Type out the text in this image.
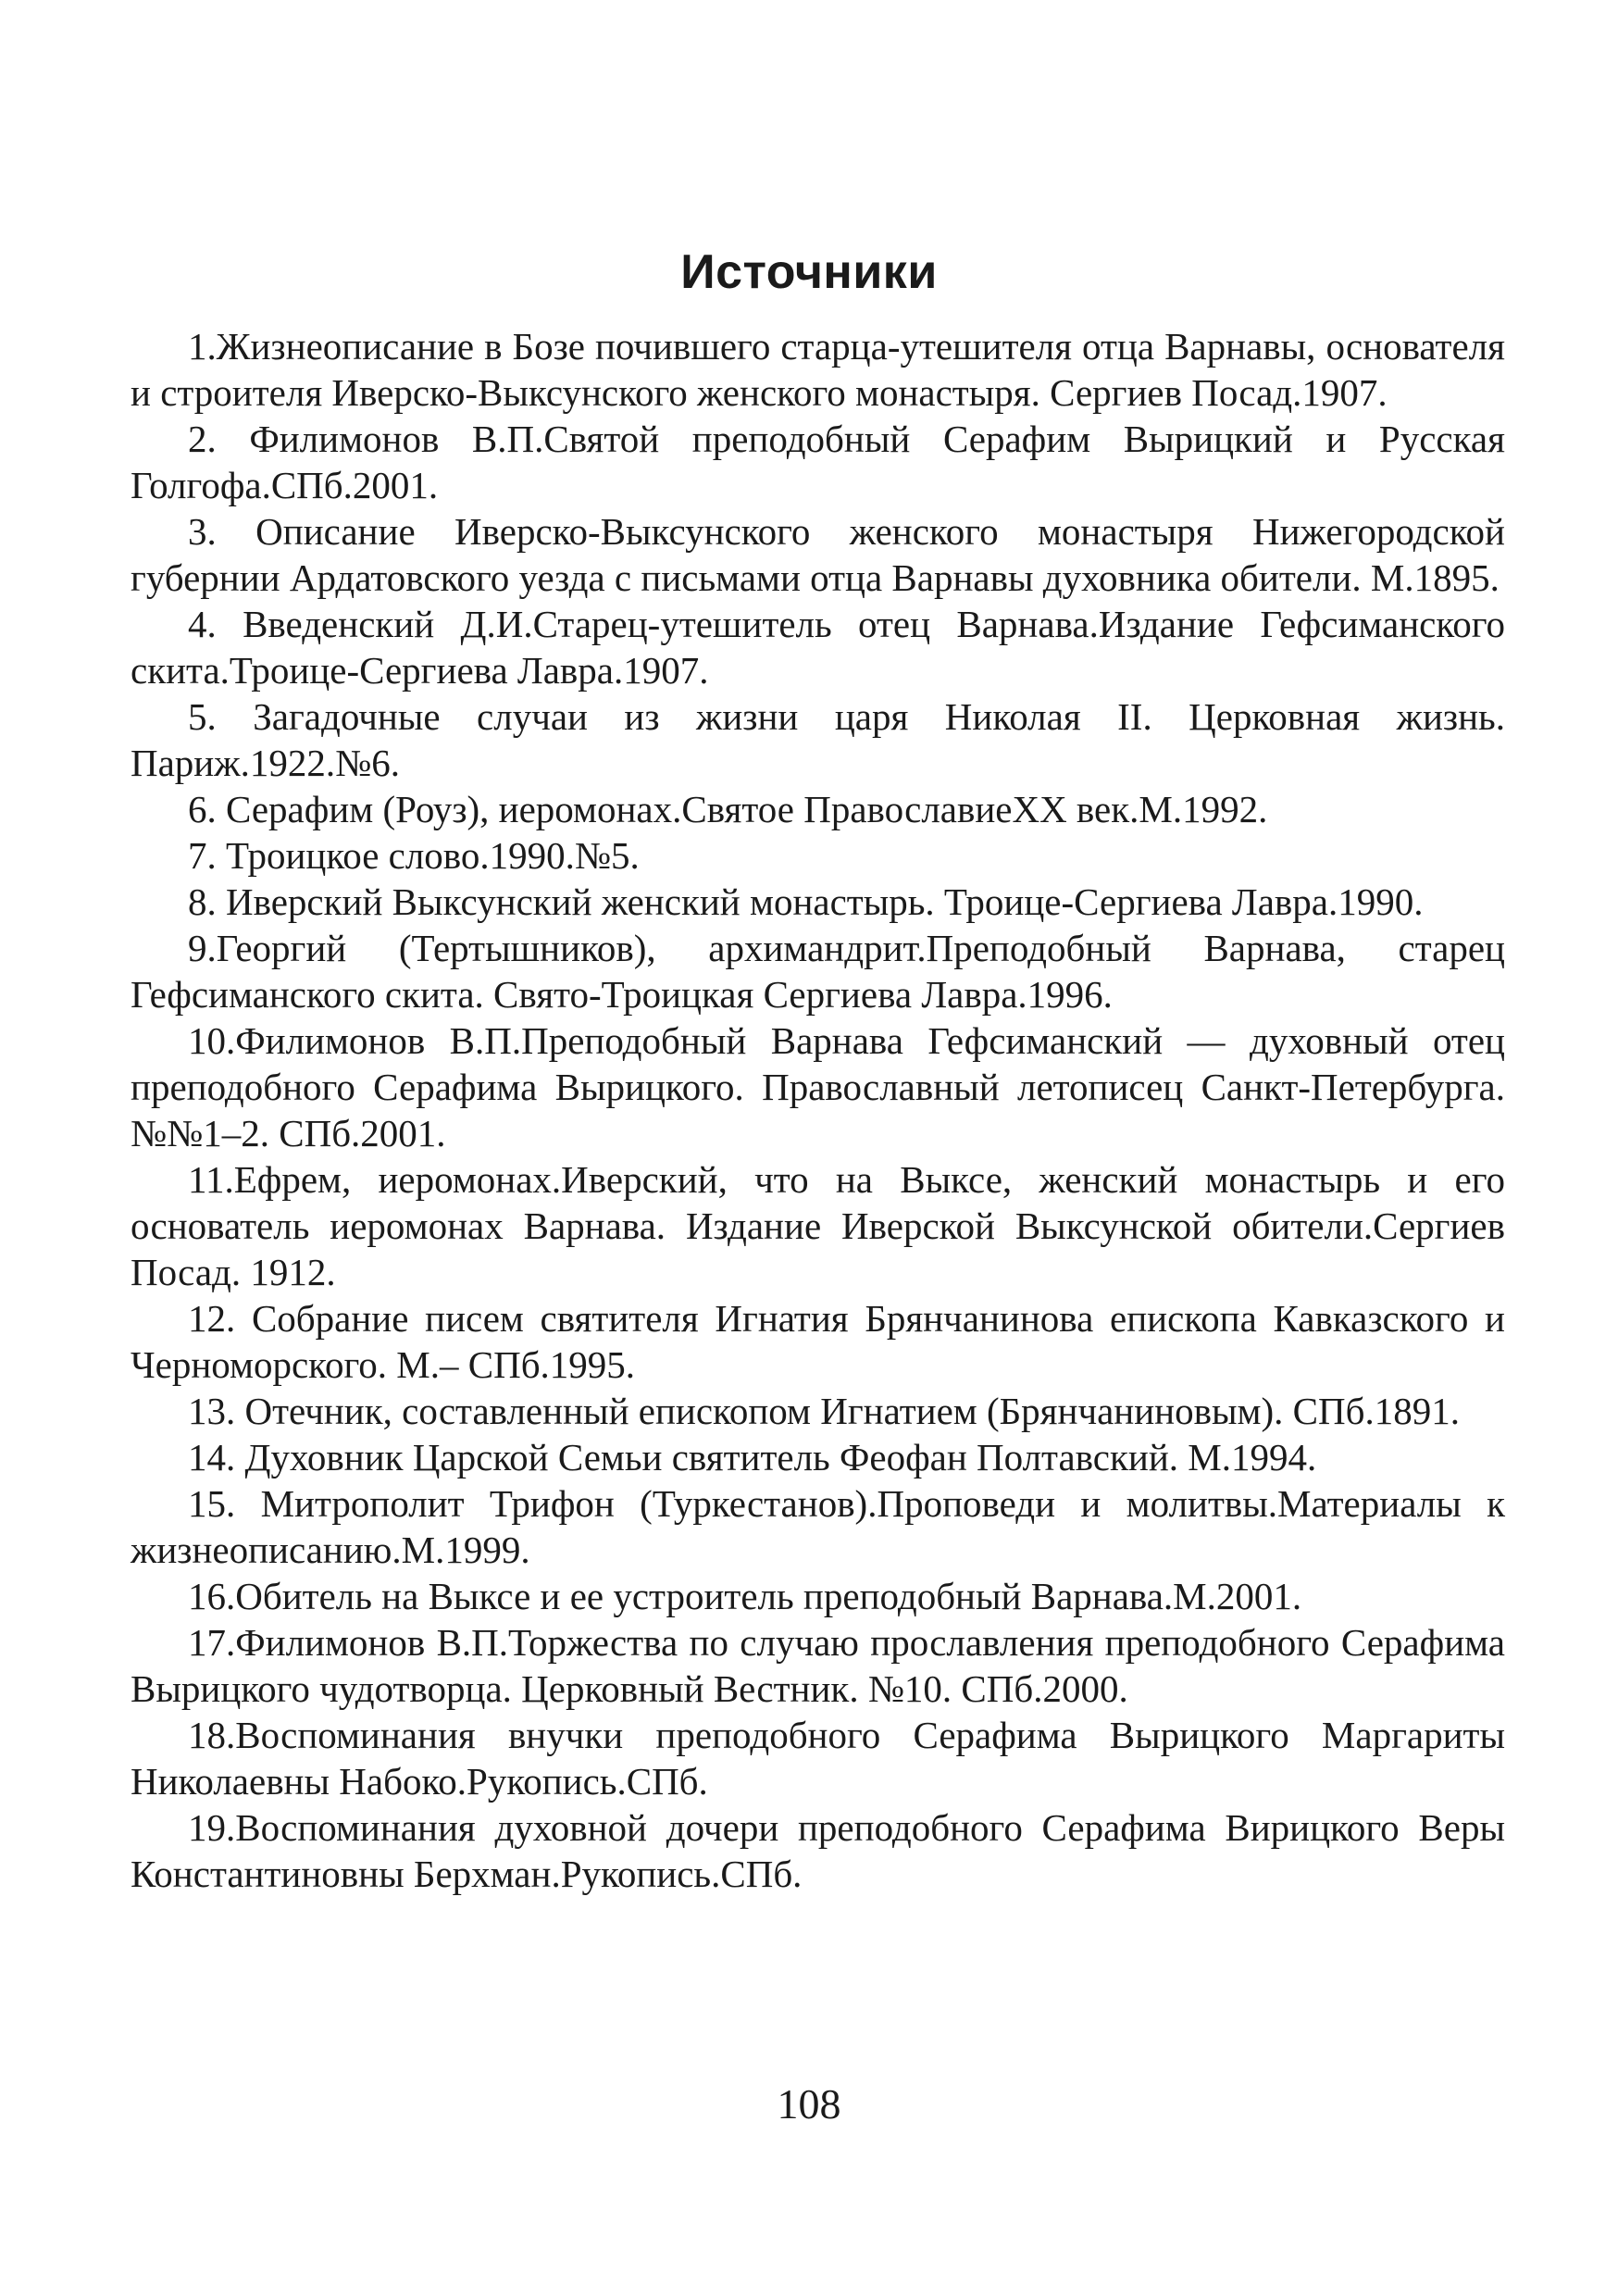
Источники
1.Жизнеописание в Бозе почившего старца-утешителя отца Варнавы, основателя и строителя Иверско-Выксунского женского монастыря. Сергиев Посад.1907.
2. Филимонов В.П.Святой преподобный Серафим Вырицкий и Русская Голгофа.СПб.2001.
3. Описание Иверско-Выксунского женского монастыря Нижегородской губернии Ардатовского уезда с письмами отца Варнавы духовника обители. М.1895.
4. Введенский Д.И.Старец-утешитель отец Варнава.Издание Гефсиманского скита.Троице-Сергиева Лавра.1907.
5. Загадочные случаи из жизни царя Николая II. Церковная жизнь. Париж.1922.№6.
6. Серафим (Роуз), иеромонах.Святое ПравославиеXX век.М.1992.
7. Троицкое слово.1990.№5.
8. Иверский Выксунский женский монастырь. Троице-Сергиева Лавра.1990.
9.Георгий (Тертышников), архимандрит.Преподобный Варнава, старец Гефсиманского скита. Свято-Троицкая Сергиева Лавра.1996.
10.Филимонов В.П.Преподобный Варнава Гефсиманский — духовный отец преподобного Серафима Вырицкого. Православный летописец Санкт-Петербурга. №№1–2. СПб.2001.
11.Ефрем, иеромонах.Иверский, что на Выксе, женский монастырь и его основатель иеромонах Варнава. Издание Иверской Выксунской обители.Сергиев Посад. 1912.
12. Собрание писем святителя Игнатия Брянчанинова епископа Кавказского и Черноморского. М.– СПб.1995.
13. Отечник, составленный епископом Игнатием (Брянчаниновым). СПб.1891.
14. Духовник Царской Семьи святитель Феофан Полтавский. М.1994.
15. Митрополит Трифон (Туркестанов).Проповеди и молитвы.Материалы к жизнеописанию.М.1999.
16.Обитель на Выксе и ее устроитель преподобный Варнава.М.2001.
17.Филимонов В.П.Торжества по случаю прославления преподобного Серафима Вырицкого чудотворца. Церковный Вестник. №10. СПб.2000.
18.Воспоминания внучки преподобного Серафима Вырицкого Маргариты Николаевны Набоко.Рукопись.СПб.
19.Воспоминания духовной дочери преподобного Серафима Вирицкого Веры Константиновны Берхман.Рукопись.СПб.
108
